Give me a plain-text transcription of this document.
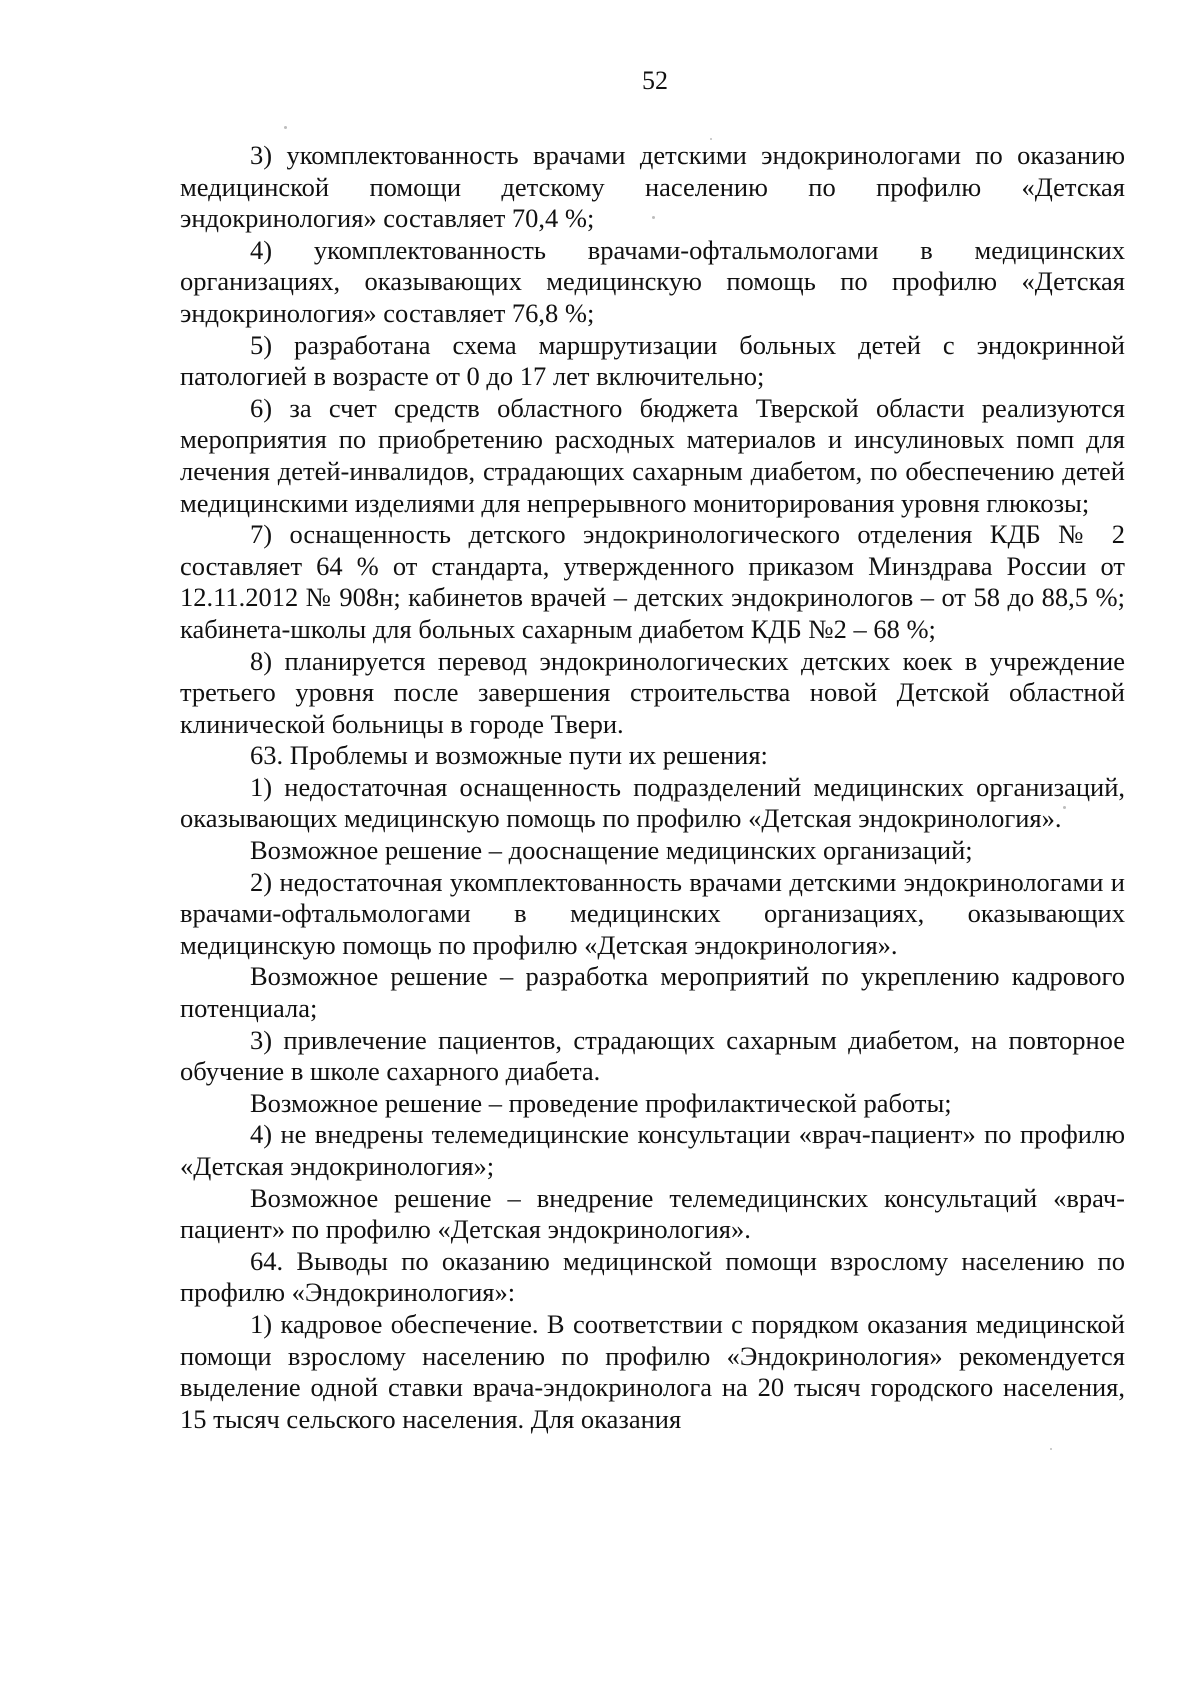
52

3) укомплектованность врачами детскими эндокринологами по оказанию медицинской помощи детскому населению по профилю «Детская эндокринология» составляет 70,4 %;

4) укомплектованность врачами-офтальмологами в медицинских организациях, оказывающих медицинскую помощь по профилю «Детская эндокринология» составляет 76,8 %;

5) разработана схема маршрутизации больных детей с эндокринной патологией в возрасте от 0 до 17 лет включительно;

6) за счет средств областного бюджета Тверской области реализуются мероприятия по приобретению расходных материалов и инсулиновых помп для лечения детей-инвалидов, страдающих сахарным диабетом, по обеспечению детей медицинскими изделиями для непрерывного мониторирования уровня глюкозы;

7) оснащенность детского эндокринологического отделения КДБ № 2 составляет 64 % от стандарта, утвержденного приказом Минздрава России от 12.11.2012 № 908н; кабинетов врачей – детских эндокринологов – от 58 до 88,5 %; кабинета-школы для больных сахарным диабетом КДБ №2 – 68 %;

8) планируется перевод эндокринологических детских коек в учреждение третьего уровня после завершения строительства новой Детской областной клинической больницы в городе Твери.

63. Проблемы и возможные пути их решения:

1) недостаточная оснащенность подразделений медицинских организаций, оказывающих медицинскую помощь по профилю «Детская эндокринология».

Возможное решение – дооснащение медицинских организаций;

2) недостаточная укомплектованность врачами детскими эндокринологами и врачами-офтальмологами в медицинских организациях, оказывающих медицинскую помощь по профилю «Детская эндокринология».

Возможное решение – разработка мероприятий по укреплению кадрового потенциала;

3) привлечение пациентов, страдающих сахарным диабетом, на повторное обучение в школе сахарного диабета.

Возможное решение – проведение профилактической работы;

4) не внедрены телемедицинские консультации «врач-пациент» по профилю «Детская эндокринология»;

Возможное решение – внедрение телемедицинских консультаций «врач-пациент» по профилю «Детская эндокринология».

64. Выводы по оказанию медицинской помощи взрослому населению по профилю «Эндокринология»:

1) кадровое обеспечение. В соответствии с порядком оказания медицинской помощи взрослому населению по профилю «Эндокринология» рекомендуется выделение одной ставки врача-эндокринолога на 20 тысяч городского населения, 15 тысяч сельского населения. Для оказания
